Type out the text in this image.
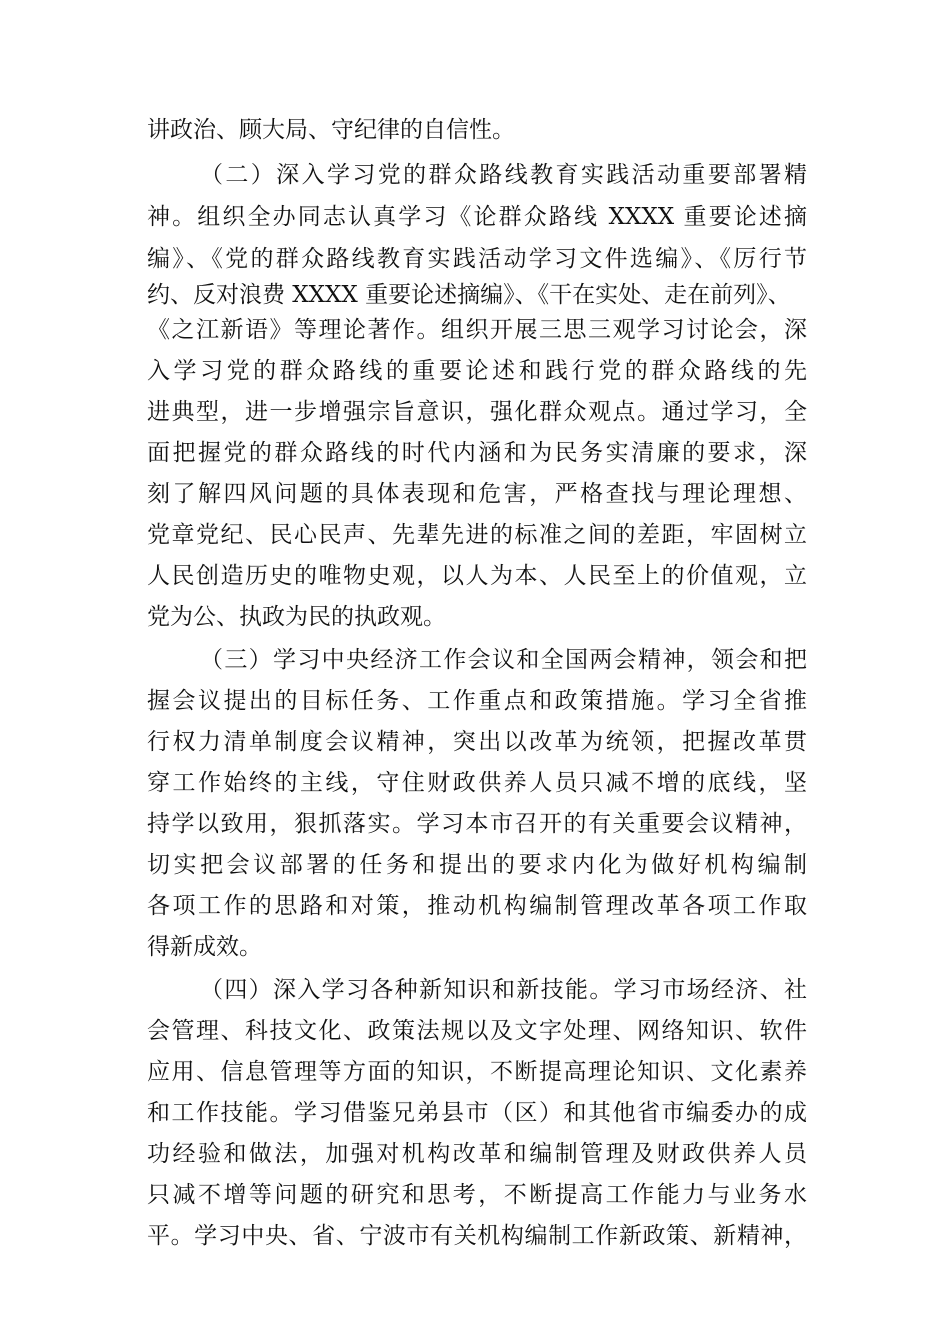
讲政治、顾大局、守纪律的自信性。
（二）深入学习党的群众路线教育实践活动重要部署精
神。组织全办同志认真学习《论群众路线 XXXX 重要论述摘
编》、《党的群众路线教育实践活动学习文件选编》、《厉行节
约、反对浪费 XXXX 重要论述摘编》、《干在实处、走在前列》、
《之江新语》等理论著作。组织开展三思三观学习讨论会，深
入学习党的群众路线的重要论述和践行党的群众路线的先
进典型，进一步增强宗旨意识，强化群众观点。通过学习，全
面把握党的群众路线的时代内涵和为民务实清廉的要求，深
刻了解四风问题的具体表现和危害，严格查找与理论理想、
党章党纪、民心民声、先辈先进的标准之间的差距，牢固树立
人民创造历史的唯物史观，以人为本、人民至上的价值观，立
党为公、执政为民的执政观。
（三）学习中央经济工作会议和全国两会精神，领会和把
握会议提出的目标任务、工作重点和政策措施。学习全省推
行权力清单制度会议精神，突出以改革为统领，把握改革贯
穿工作始终的主线，守住财政供养人员只减不增的底线，坚
持学以致用，狠抓落实。学习本市召开的有关重要会议精神，
切实把会议部署的任务和提出的要求内化为做好机构编制
各项工作的思路和对策，推动机构编制管理改革各项工作取
得新成效。
（四）深入学习各种新知识和新技能。学习市场经济、社
会管理、科技文化、政策法规以及文字处理、网络知识、软件
应用、信息管理等方面的知识，不断提高理论知识、文化素养
和工作技能。学习借鉴兄弟县市（区）和其他省市编委办的成
功经验和做法，加强对机构改革和编制管理及财政供养人员
只减不增等问题的研究和思考，不断提高工作能力与业务水
平。学习中央、省、宁波市有关机构编制工作新政策、新精神，
